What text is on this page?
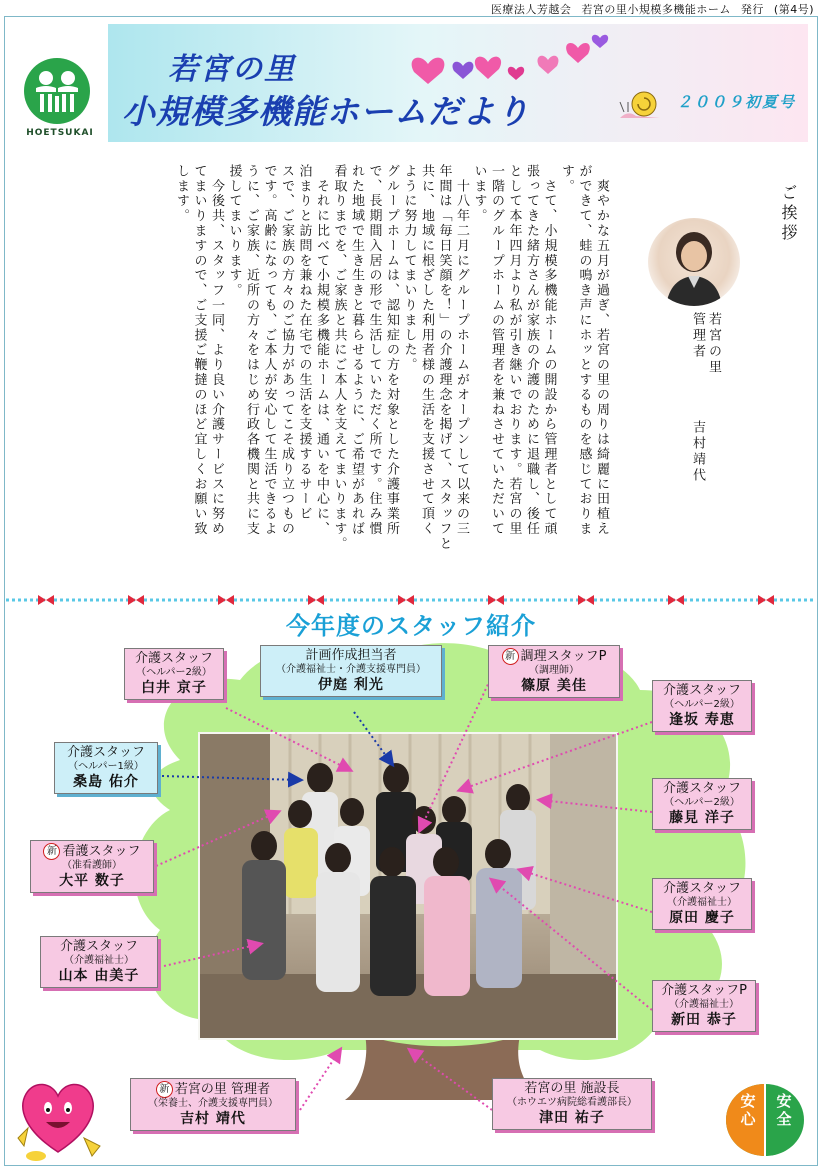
医療法人芳越会 若宮の里小規模多機能ホーム 発行 (第4号)
HOETSUKAI
若宮の里
小規模多機能ホームだより	２００９初夏号
ご挨拶
若宮の里
管理者
吉村靖代
　爽やかな五月が過ぎ、若宮の里の周りは綺麗に田植え
ができて、蛙の鳴き声にホッとするものを感じておりま
す。
　さて、小規模多機能ホームの開設から管理者として頑
張ってきた緒方さんが家族の介護のために退職し、後任
として本年四月より私が引き継いでおります。若宮の里
一階のグループホームの管理者を兼ねさせていただいて
います。
　十八年二月にグループホームがオープンして以来の三
年間は「毎日笑顔を！」の介護理念を掲げて、スタッフと
共に、地域に根ざした利用者様の生活を支援させて頂く
ように努力してまいりました。
グループホームは、認知症の方を対象とした介護事業所
で、長期間入居の形で生活していただく所です。住み慣
れた地域で生き生きと暮らせるように、ご希望があれば
看取りまでを、ご家族と共にご本人を支えてまいります。
　それに比べて小規模多機能ホームは、通いを中心に、
泊まりと訪問を兼ねた在宅での生活を支援するサービ
スで、ご家族の方々のご協力があってこそ成り立つもの
です。高齢になっても、ご本人が安心して生活できるよ
うに、ご家族、近所の方々をはじめ行政各機関と共に支
援してまいります。
　今後共、スタッフ一同、より良い介護サービスに努め
てまいりますので、ご支援ご鞭撻のほど宜しくお願い致
します。
今年度のスタッフ紹介
介護スタッフ
（ヘルパー2級）
白井 京子
計画作成担当者
（介護福祉士・介護支援専門員）
伊庭 利光
新 調理スタッフP
（調理師）
篠原 美佳	介護スタッフ
（ヘルパー2級）
逢坂 寿恵
介護スタッフ
（ヘルパー1級）
桑島 佑介	介護スタッフ
（ヘルパー2級）
藤見 洋子
新 看護スタッフ
（准看護師）
大平 数子	介護スタッフ
（介護福祉士）
原田 慶子
介護スタッフ
（介護福祉士）
山本 由美子
介護スタッフP
（介護福祉士）
新田 恭子
新 若宮の里 管理者
（栄養士、介護支援専門員）
吉村 靖代
若宮の里 施設長
（ホウエツ病院総看護部長）
津田 祐子
安心
安全
